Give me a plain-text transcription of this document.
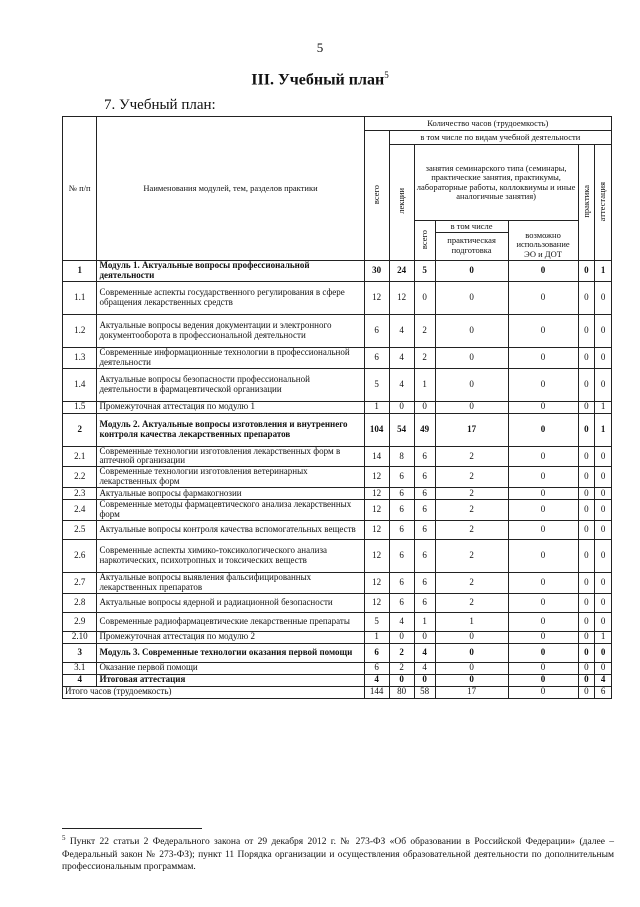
5
III. Учебный план$^5$
7. Учебный план:
№ п/п	Наименования модулей, тем, разделов практики	Количество часов (трудоемкость)						
		всего	в том числе по видам учебной деятельности					
			лекции	занятия семинарского типа (семинары, практические занятия, практикумы, лабораторные работы, коллоквиумы и иные аналогичные занятия)			практика	аттестация
				всего	в том числе
практическая подготовка	возможно использование ЭО и ДОТ		

1	Модуль 1. Актуальные вопросы профессиональной деятельности	30	24	5	0	0	0	1
1.1	Современные аспекты государственного регулирования в сфере обращения лекарственных средств	12	12	0	0	0	0	0
1.2	Актуальные вопросы ведения документации и электронного документооборота в профессиональной деятельности	6	4	2	0	0	0	0
1.3	Современные информационные технологии в профессиональной деятельности	6	4	2	0	0	0	0
1.4	Актуальные вопросы безопасности профессиональной деятельности в фармацевтической организации	5	4	1	0	0	0	0
1.5	Промежуточная аттестация по модулю 1	1	0	0	0	0	0	1
2	Модуль 2. Актуальные вопросы изготовления и внутреннего контроля качества лекарственных препаратов	104	54	49	17	0	0	1
2.1	Современные технологии изготовления лекарственных форм в аптечной организации	14	8	6	2	0	0	0
2.2	Современные технологии изготовления ветеринарных лекарственных форм	12	6	6	2	0	0	0
2.3	Актуальные вопросы фармакогнозии	12	6	6	2	0	0	0
2.4	Современные методы фармацевтического анализа лекарственных форм	12	6	6	2	0	0	0
2.5	Актуальные вопросы контроля качества вспомогательных веществ	12	6	6	2	0	0	0
2.6	Современные аспекты химико-токсикологического анализа наркотических, психотропных и токсических веществ	12	6	6	2	0	0	0
2.7	Актуальные вопросы выявления фальсифицированных лекарственных препаратов	12	6	6	2	0	0	0
2.8	Актуальные вопросы ядерной и радиационной безопасности	12	6	6	2	0	0	0
2.9	Современные радиофармацевтические лекарственные препараты	5	4	1	1	0	0	0
2.10	Промежуточная аттестация по модулю 2	1	0	0	0	0	0	1
3	Модуль 3. Современные технологии оказания первой помощи	6	2	4	0	0	0	0
3.1	Оказание первой помощи	6	2	4	0	0	0	0
4	Итоговая аттестация	4	0	0	0	0	0	4
Итого часов (трудоемкость)		144	80	58	17	0	0	6
$^5$ Пункт 22 статьи 2 Федерального закона от 29 декабря 2012 г. № 273-ФЗ «Об образовании в Российской Федерации» (далее – Федеральный закон № 273-ФЗ); пункт 11 Порядка организации и осуществления образовательной деятельности по дополнительным профессиональным программам.
